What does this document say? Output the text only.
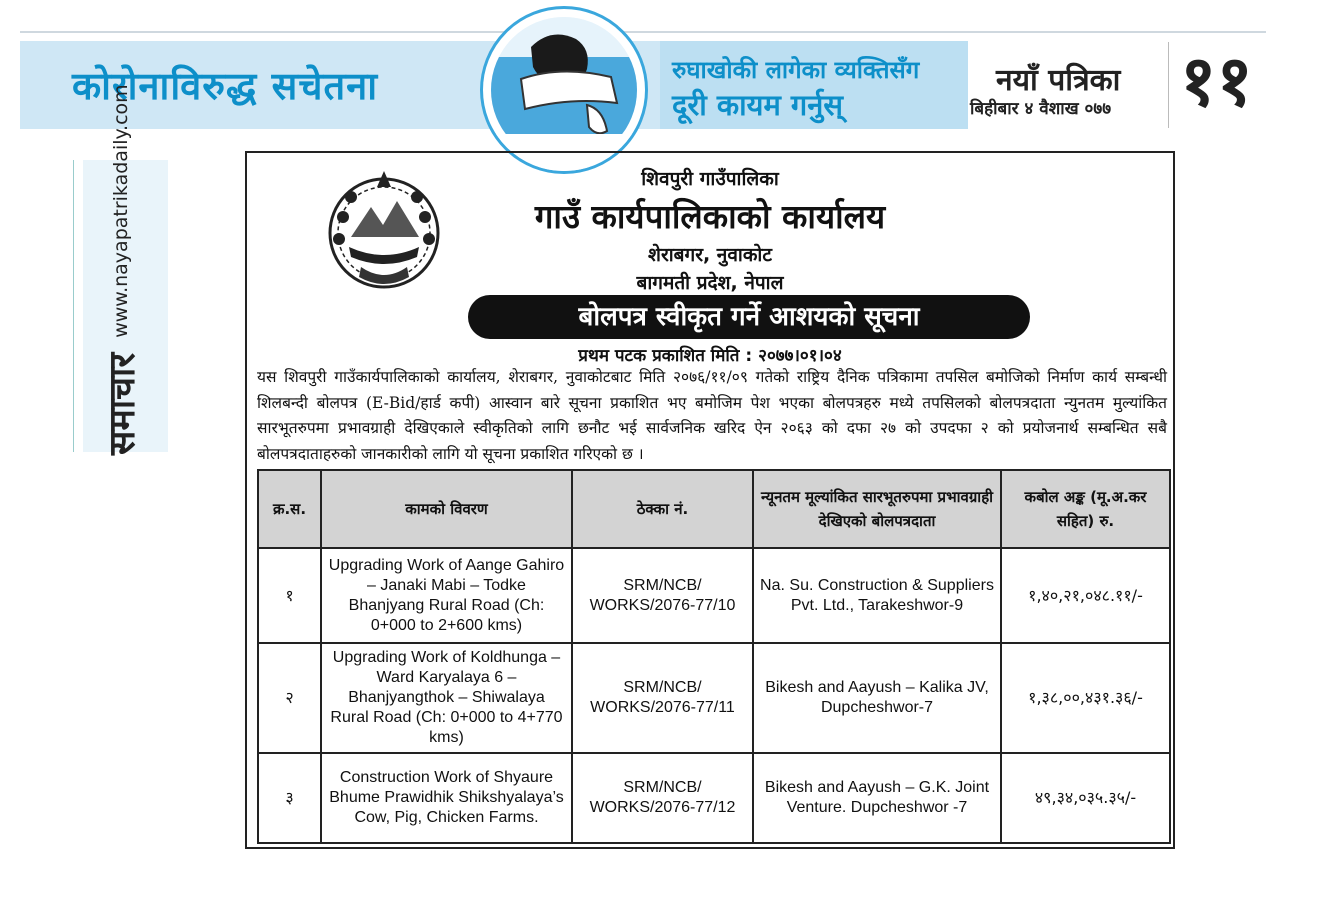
कोरोनाविरुद्ध सचेतना	रुघाखोकी लागेका व्यक्तिसँग
दूरी कायम गर्नुस्
नयाँ पत्रिका
बिहीबार ४ वैशाख ०७७ ११
समाचार www.nayapatrikadaily.com	शिवपुरी गाउँपालिका
गाउँ कार्यपालिकाको कार्यालय
शेराबगर, नुवाकोट
बागमती प्रदेश, नेपाल
बोलपत्र स्वीकृत गर्ने आशयको सूचना
प्रथम पटक प्रकाशित मिति : २०७७।०१।०४
यस शिवपुरी गाउँकार्यपालिकाको कार्यालय, शेराबगर, नुवाकोटबाट मिति २०७६/११/०९ गतेको राष्ट्रिय दैनिक पत्रिकामा तपसिल बमोजिको निर्माण कार्य सम्बन्धी शिलबन्दी बोलपत्र (E-Bid/हार्ड कपी) आस्वान बारे सूचना प्रकाशित भए बमोजिम पेश भएका बोलपत्रहरु मध्ये तपसिलको बोलपत्रदाता न्युनतम मुल्यांकित सारभूतरुपमा प्रभावग्राही देखिएकाले स्वीकृतिको लागि छनौट भई सार्वजनिक खरिद ऐन २०६३ को दफा २७ को उपदफा २ को प्रयोजनार्थ सम्बन्धित सबै बोलपत्रदाताहरुको जानकारीको लागि यो सूचना प्रकाशित गरिएको छ ।
क्र.स.	कामको विवरण	ठेक्का नं.	न्यूनतम मूल्यांकित सारभूतरुपमा प्रभावग्राही देखिएको बोलपत्रदाता	कबोल अङ्क (मू.अ.कर सहित) रु.
१	Upgrading Work of Aange Gahiro – Janaki Mabi – Todke Bhanjyang Rural Road (Ch: 0+000 to 2+600 kms)	SRM/NCB/ WORKS/2076-77/10	Na. Su. Construction & Suppliers Pvt. Ltd., Tarakeshwor-9	१,४०,२१,०४८.११/-
२	Upgrading Work of Koldhunga – Ward Karyalaya 6 – Bhanjyangthok – Shiwalaya Rural Road (Ch: 0+000 to 4+770 kms)	SRM/NCB/ WORKS/2076-77/11	Bikesh and Aayush – Kalika JV, Dupcheshwor-7	१,३८,००,४३१.३६/-
३	Construction Work of Shyaure Bhume Prawidhik Shikshyalaya’s Cow, Pig, Chicken Farms.	SRM/NCB/ WORKS/2076-77/12	Bikesh and Aayush – G.K. Joint Venture. Dupcheshwor -7	४९,३४,०३५.३५/-
